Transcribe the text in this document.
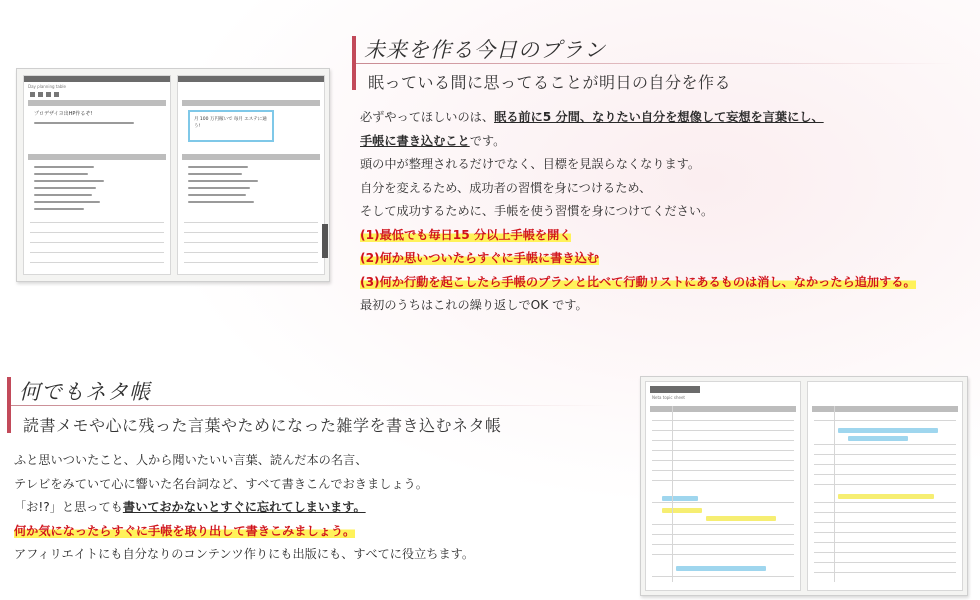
未来を作る今日のプラン
眠っている間に思ってることが明日の自分を作る

必ずやってほしいのは、眠る前に5 分間、なりたい自分を想像して妄想を言葉にし、

手帳に書き込むことです。

頭の中が整理されるだけでなく、目標を見誤らなくなります。

自分を変えるため、成功者の習慣を身につけるため、

そして成功するために、手帳を使う習慣を身につけてください。

(1)最低でも毎日15 分以上手帳を開く

(2)何か思いついたらすぐに手帳に書き込む

(3)何か行動を起こしたら手帳のプランと比べて行動リストにあるものは消し、なかったら追加する。

最初のうちはこれの繰り返しでOK です。

Day planning table
プロデザイヨ出HP作るぞ!
月 100 万円稼いで 毎月 エステに通う!
何でもネタ帳
読書メモや心に残った言葉やためになった雑学を書き込むネタ帳

ふと思いついたこと、人から聞いたいい言葉、読んだ本の名言、

テレビをみていて心に響いた名台詞など、すべて書きこんでおきましょう。

「お!?」と思っても書いておかないとすぐに忘れてしまいます。

何か気になったらすぐに手帳を取り出して書きこみましょう。

アフィリエイトにも自分なりのコンテンツ作りにも出版にも、すべてに役立ちます。

Neta topic sheet
